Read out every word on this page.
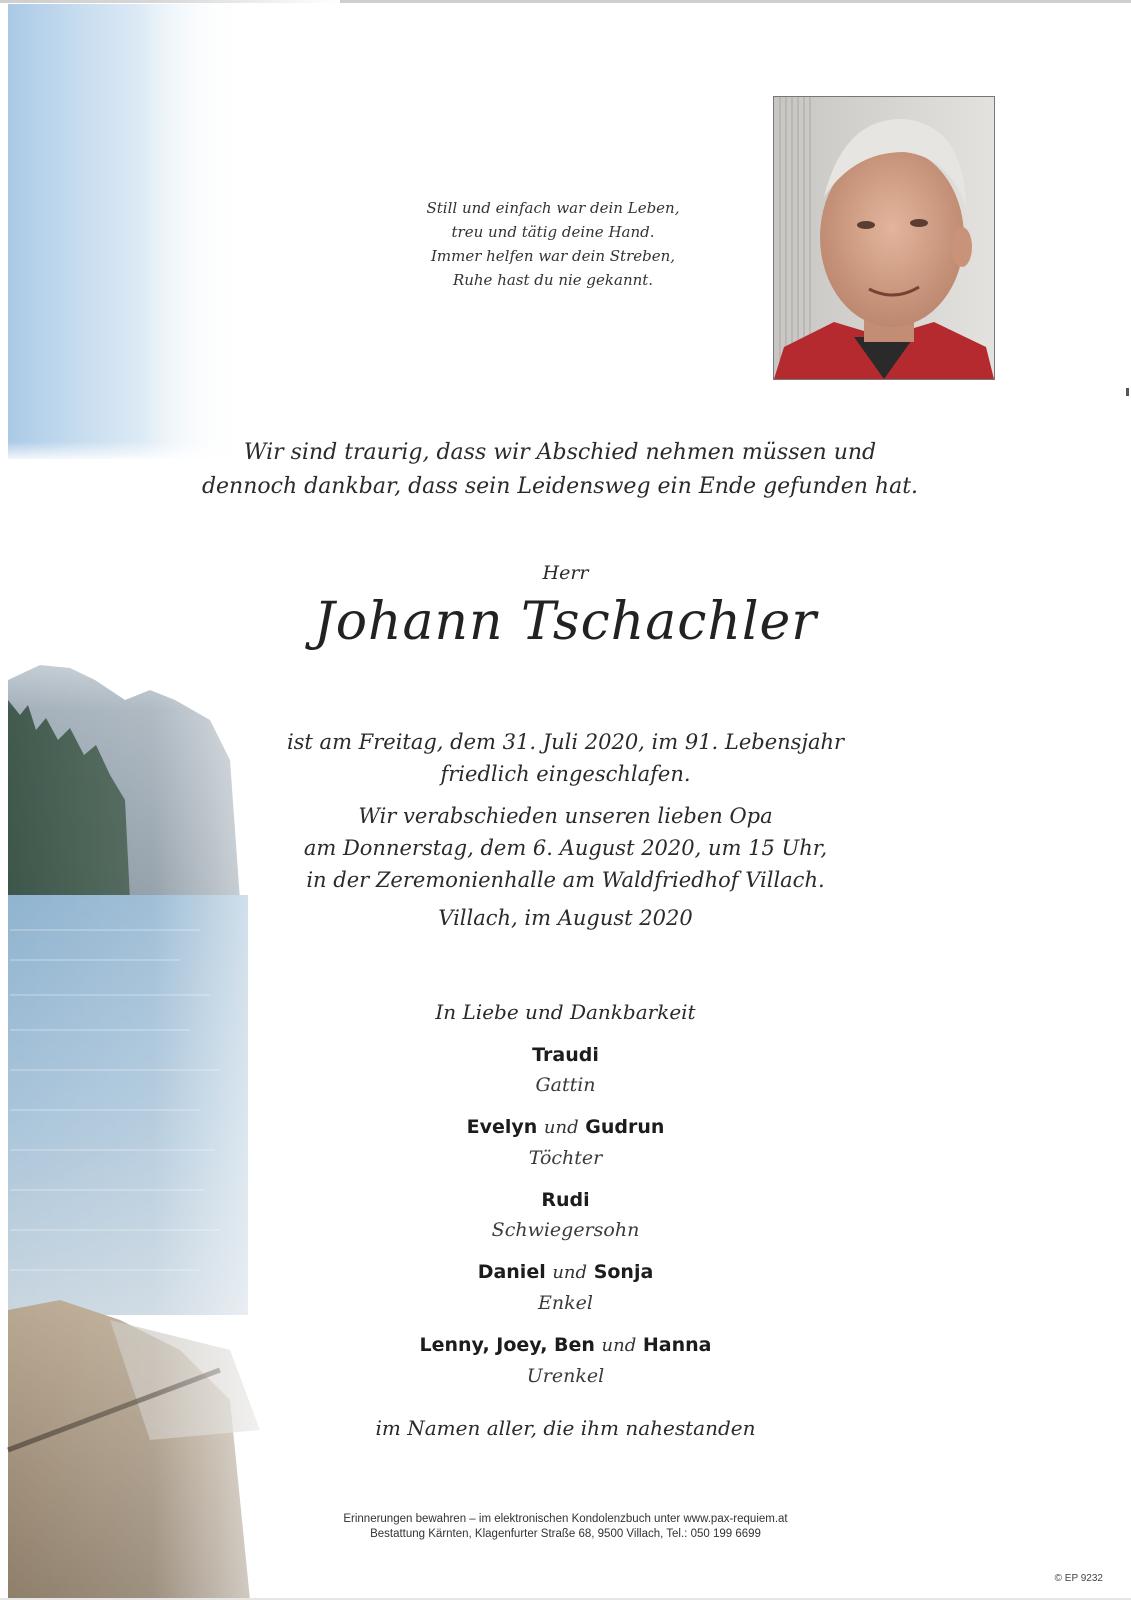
Still und einfach war dein Leben,
treu und tätig deine Hand.
Immer helfen war dein Streben,
Ruhe hast du nie gekannt.
Wir sind traurig, dass wir Abschied nehmen müssen und
dennoch dankbar, dass sein Leidensweg ein Ende gefunden hat.
Herr
Johann Tschachler
ist am Freitag, dem 31. Juli 2020, im 91. Lebensjahr
friedlich eingeschlafen.
Wir verabschieden unseren lieben Opa
am Donnerstag, dem 6. August 2020, um 15 Uhr,
in der Zeremonienhalle am Waldfriedhof Villach.
Villach, im August 2020
In Liebe und Dankbarkeit
Traudi
Gattin
Evelyn und Gudrun
Töchter
Rudi
Schwiegersohn
Daniel und Sonja
Enkel
Lenny, Joey, Ben und Hanna
Urenkel
im Namen aller, die ihm nahestanden
Erinnerungen bewahren – im elektronischen Kondolenzbuch unter www.pax-requiem.at
Bestattung Kärnten, Klagenfurter Straße 68, 9500 Villach, Tel.: 050 199 6699
© EP 9232
